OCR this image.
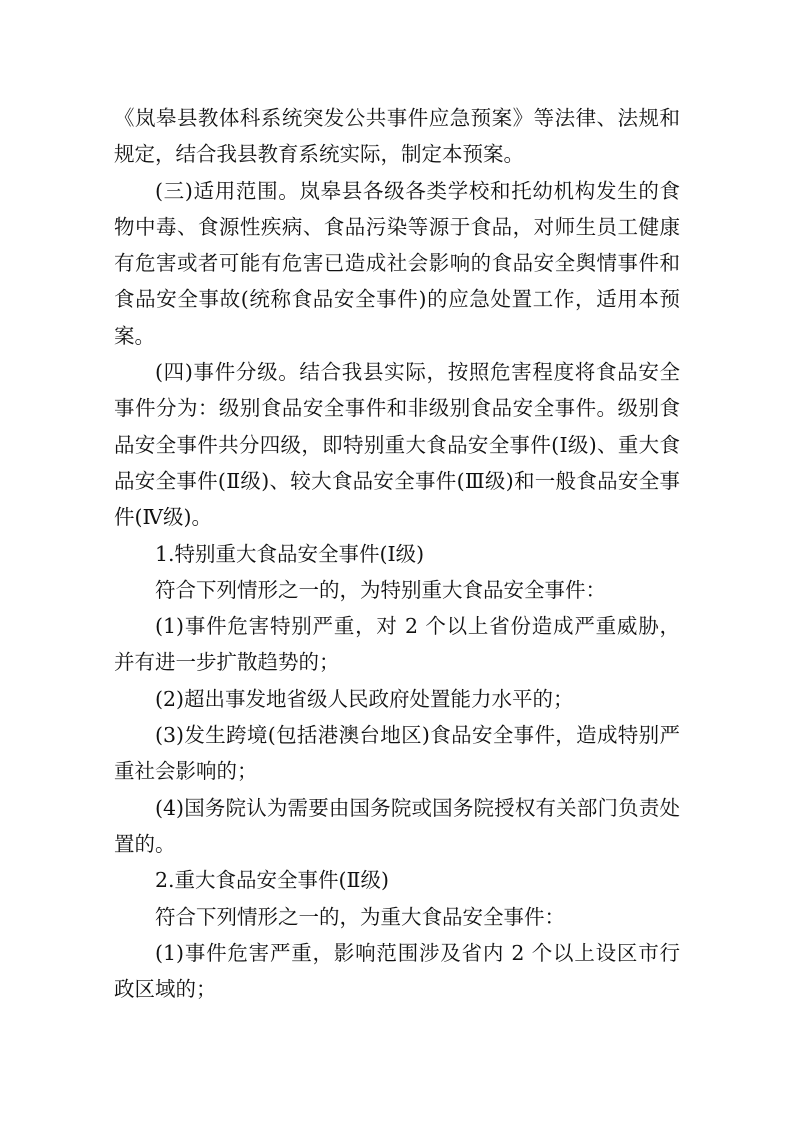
《岚皋县教体科系统突发公共事件应急预案》等法律、法规和规定，结合我县教育系统实际，制定本预案。

(三)适用范围。岚皋县各级各类学校和托幼机构发生的食物中毒、食源性疾病、食品污染等源于食品，对师生员工健康有危害或者可能有危害已造成社会影响的食品安全舆情事件和食品安全事故(统称食品安全事件)的应急处置工作，适用本预案。

(四)事件分级。结合我县实际，按照危害程度将食品安全事件分为：级别食品安全事件和非级别食品安全事件。级别食品安全事件共分四级，即特别重大食品安全事件(Ⅰ级)、重大食品安全事件(Ⅱ级)、较大食品安全事件(Ⅲ级)和一般食品安全事件(Ⅳ级)。

1.特别重大食品安全事件(Ⅰ级)

符合下列情形之一的，为特别重大食品安全事件：

(1)事件危害特别严重，对 2 个以上省份造成严重威胁，并有进一步扩散趋势的；

(2)超出事发地省级人民政府处置能力水平的；

(3)发生跨境(包括港澳台地区)食品安全事件，造成特别严重社会影响的；

(4)国务院认为需要由国务院或国务院授权有关部门负责处置的。

2.重大食品安全事件(Ⅱ级)

符合下列情形之一的，为重大食品安全事件：

(1)事件危害严重，影响范围涉及省内 2 个以上设区市行政区域的；
